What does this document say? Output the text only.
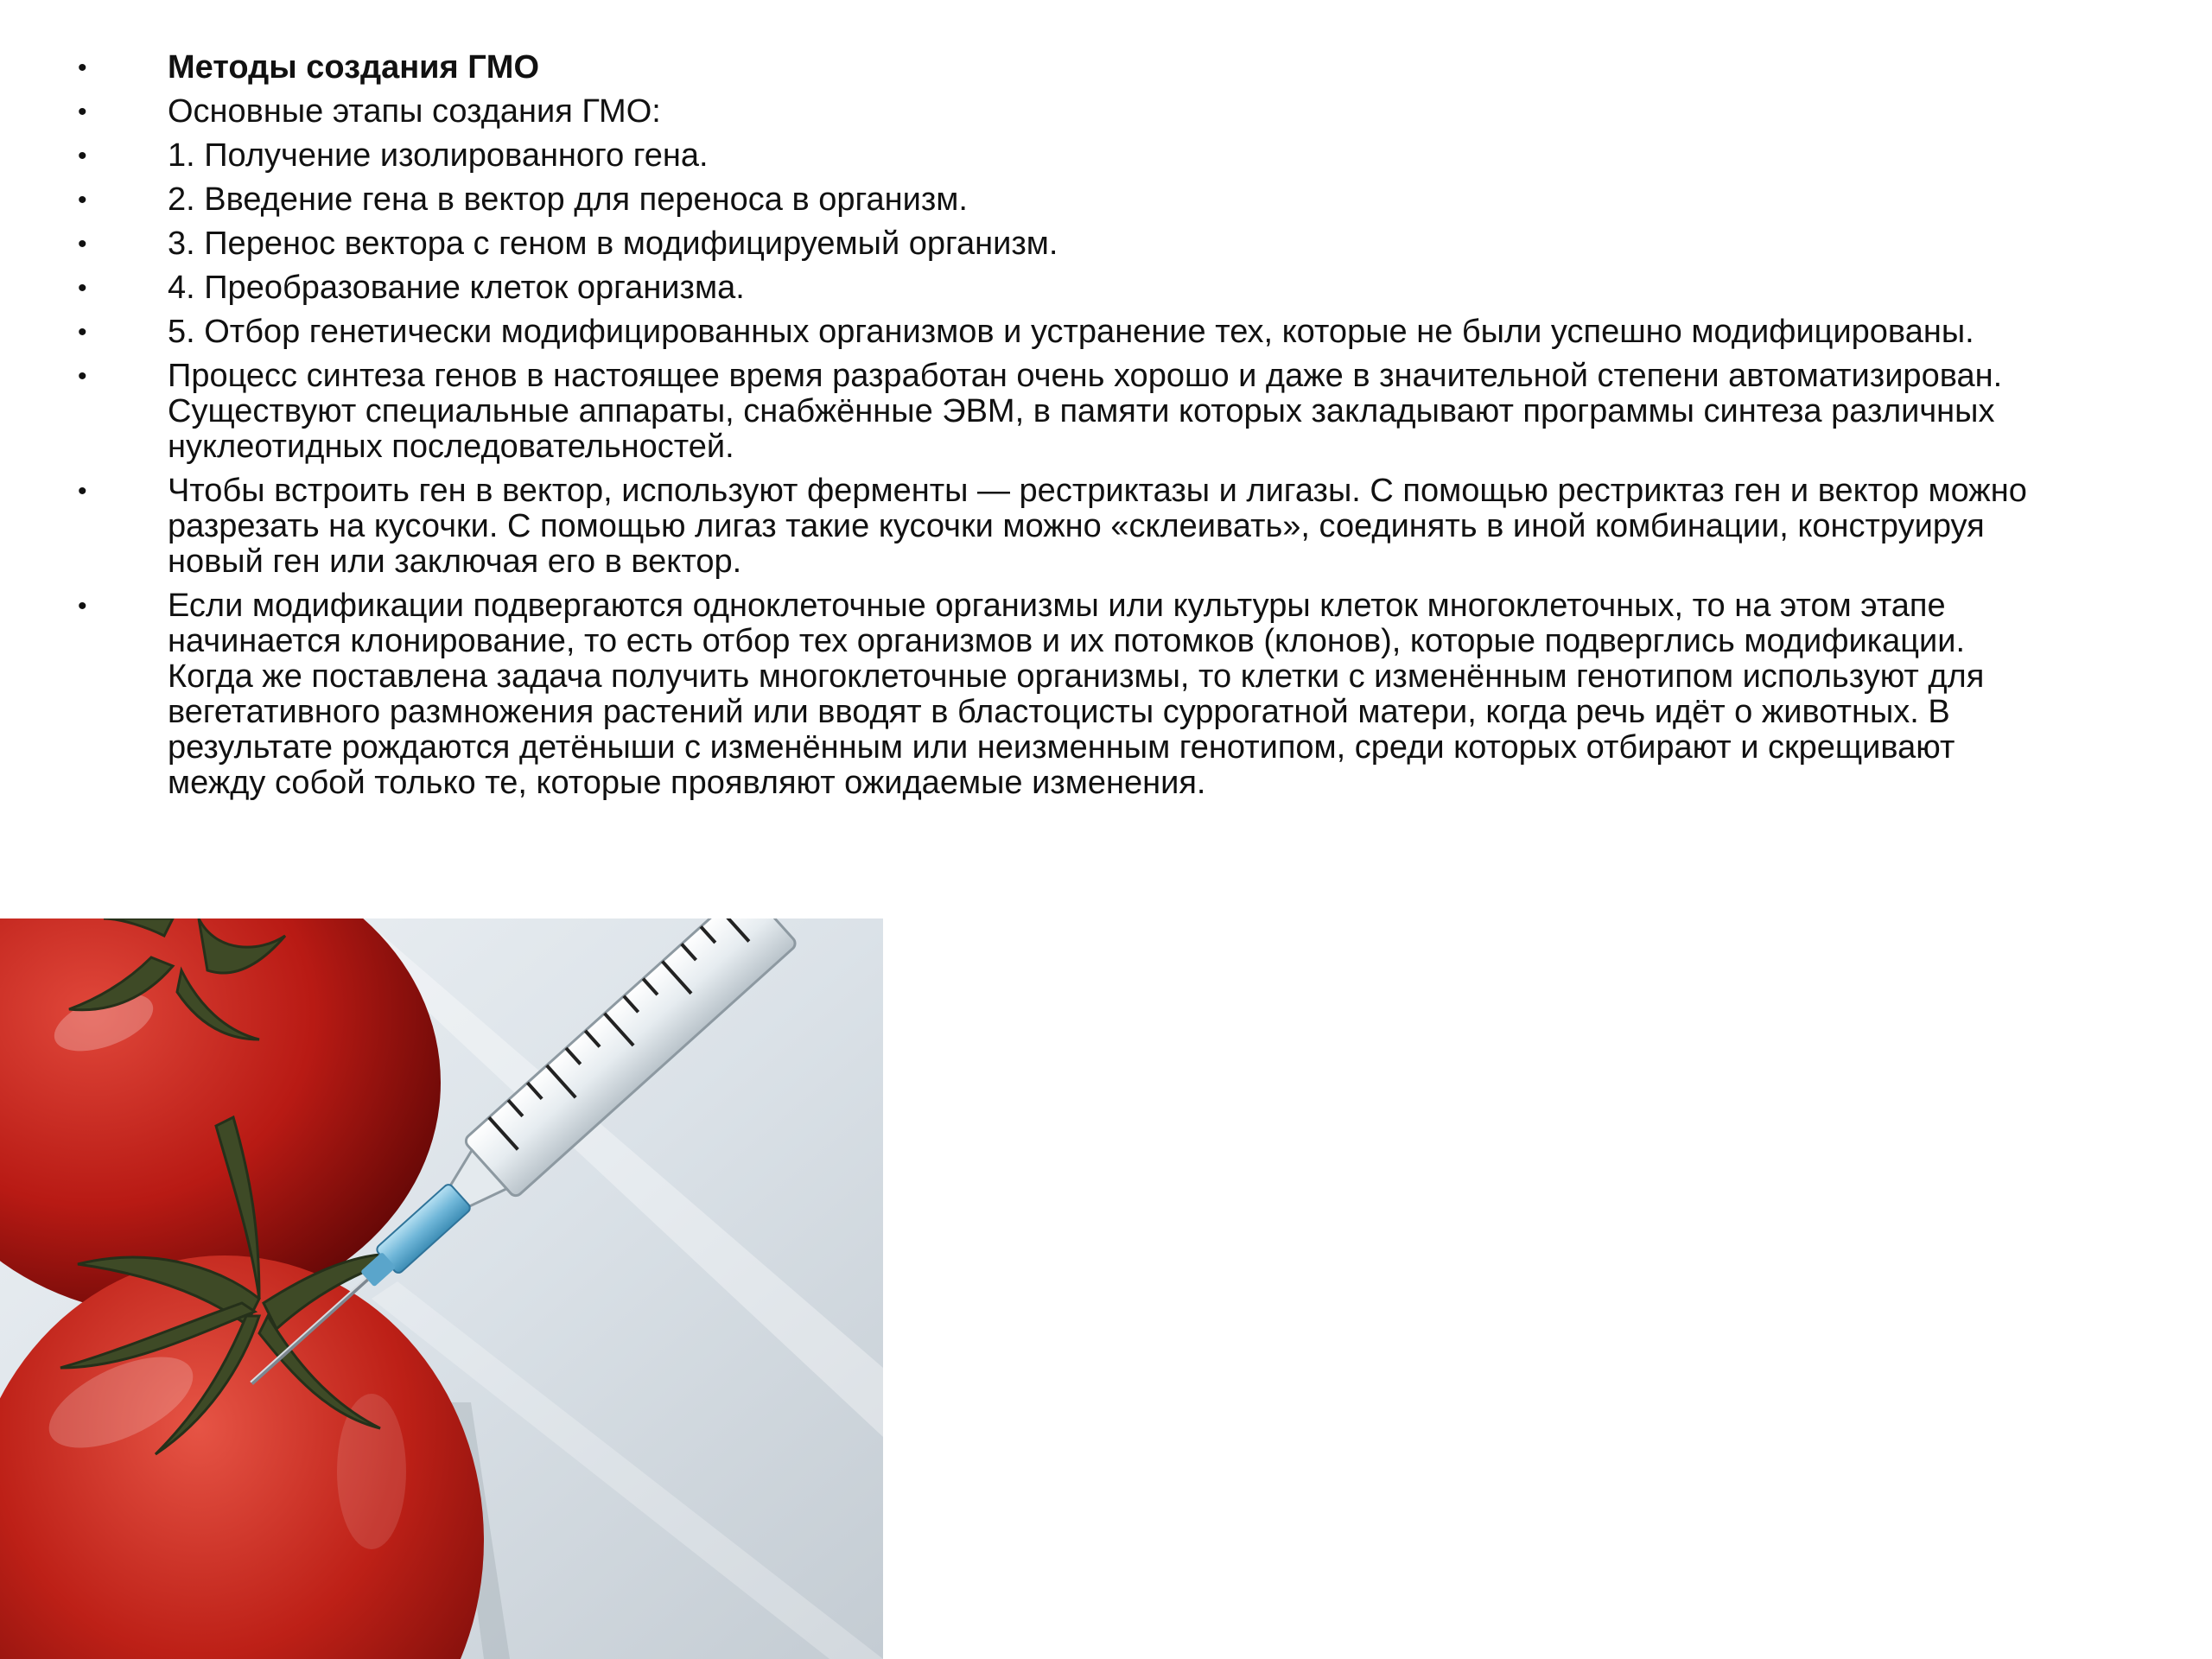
•	Методы создания ГМО
•	Основные этапы создания ГМО:
•	1. Получение изолированного гена.
•	2. Введение гена в вектор для переноса в организм.
•	3. Перенос вектора с геном в модифицируемый организм.
•	4. Преобразование клеток организма.
•	5. Отбор генетически модифицированных организмов и устранение тех, которые не были успешно модифицированы.
•	Процесс синтеза генов в настоящее время разработан очень хорошо и даже в значительной степени автоматизирован. Существуют специальные аппараты, снабжённые ЭВМ, в памяти которых закладывают программы синтеза различных нуклеотидных последовательностей.
•	Чтобы встроить ген в вектор, используют ферменты — рестриктазы и лигазы. С помощью рестриктаз ген и вектор можно разрезать на кусочки. С помощью лигаз такие кусочки можно «склеивать», соединять в иной комбинации, конструируя новый ген или заключая его в вектор.
•	Если модификации подвергаются одноклеточные организмы или культуры клеток многоклеточных, то на этом этапе начинается клонирование, то есть отбор тех организмов и их потомков (клонов), которые подверглись модификации. Когда же поставлена задача получить многоклеточные организмы, то клетки с изменённым генотипом используют для вегетативного размножения растений или вводят в бластоцисты суррогатной матери, когда речь идёт о животных. В результате рождаются детёныши с изменённым или неизменным генотипом, среди которых отбирают и скрещивают между собой только те, которые проявляют ожидаемые изменения.
